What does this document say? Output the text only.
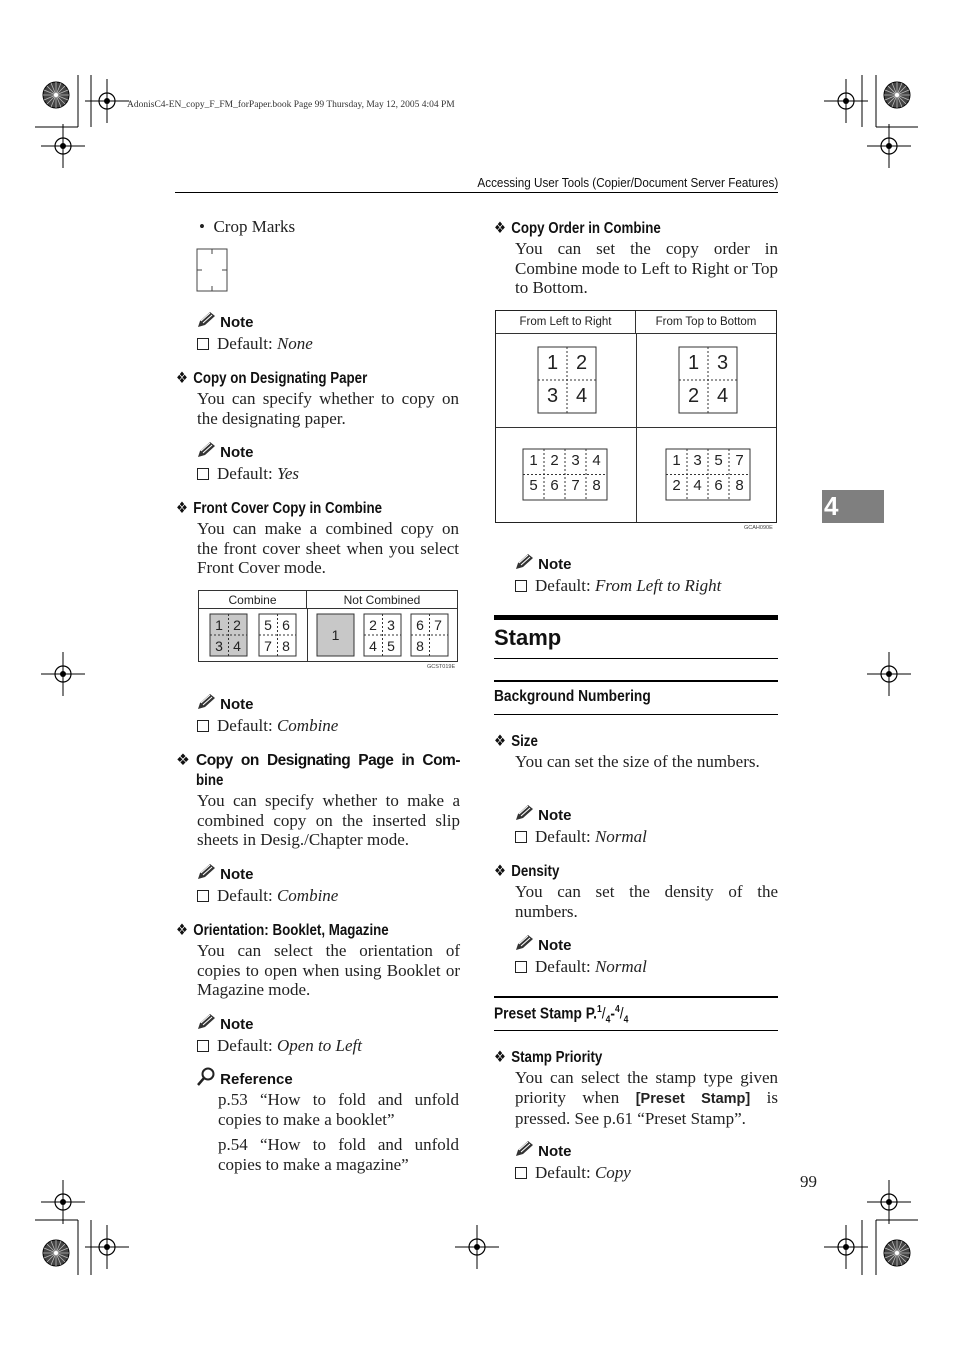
AdonisC4-EN_copy_F_FM_forPaper.book Page 99 Thursday, May 12, 2005 4:04 PM
Accessing User Tools (Copier/Document Server Features)
4
99
• Crop Marks
Note
Default: None
❖ Copy on Designating Paper
You can specify whether to copy on the designating paper.
Note
Default: Yes
❖ Front Cover Copy in Combine
You can make a combined copy on the front cover sheet when you select Front Cover mode.
Combine	Not Combined
1 2
3 4
5 6
7 8
1
2 3
4 5
6 7
8
GCST019E
Note
Default: Combine
❖ Copy on Designating Page in Com-
bine
You can specify whether to make a combined copy on the inserted slip sheets in Desig./Chapter mode.
Note
Default: Combine
❖ Orientation: Booklet, Magazine
You can select the orientation of copies to open when using Booklet or Magazine mode.
Note
Default: Open to Left
Reference
p.53 “How to fold and unfold copies to make a booklet”
p.54 “How to fold and unfold copies to make a magazine”
❖ Copy Order in Combine
You can set the copy order in Combine mode to Left to Right or Top to Bottom.
From Left to Right	From Top to Bottom
1 2
3 4
1 3
2 4
1 2 3 4
5 6 7 8
1 3 5 7
2 4 6 8
GCAH090E
Note
Default: From Left to Right
Stamp
Background Numbering
❖ Size
You can set the size of the numbers.
Note
Default: Normal
❖ Density
You can set the density of the numbers.
Note
Default: Normal
Preset Stamp $P.^1/_4-^4/_4$
❖ Stamp Priority
You can select the stamp type given priority when [Preset Stamp] is pressed. See p.61 “Preset Stamp”.
Note
Default: Copy
